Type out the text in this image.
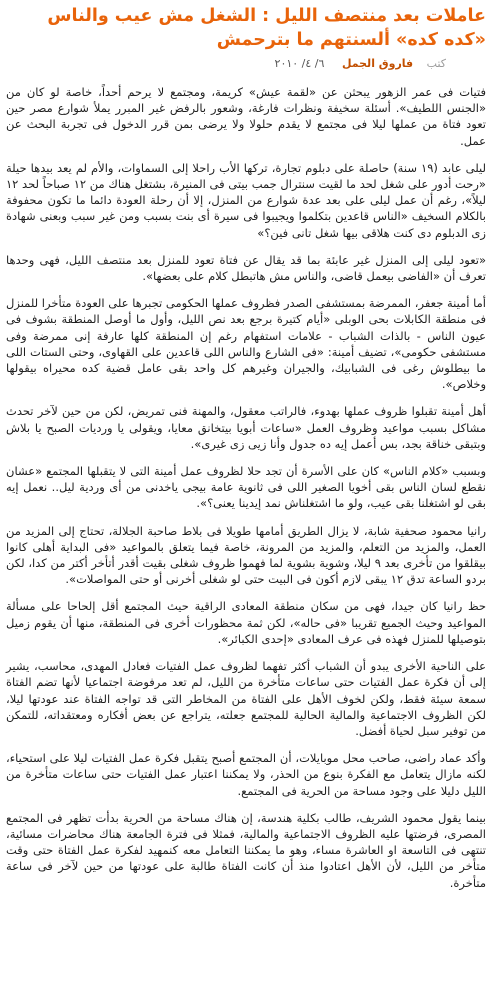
عاملات بعد منتصف الليل : الشغل مش عيب والناس «كده كده» ألسنتهم ما بترحمش
كتب فاروق الجمل ٦/ ٤/ ٢٠١٠

فتيات فى عمر الزهور يبحثن عن «لقمة عيش» كريمة، ومجتمع لا يرحم أحداً، خاصة لو كان من «الجنس اللطيف». أسئلة سخيفة ونظرات فارغة، وشعور بالرفض غير المبرر يملأ شوارع مصر حين تعود فتاة من عملها ليلا فى مجتمع لا يقدم حلولا ولا يرضى بمن قرر الدخول فى تجربة البحث عن عمل.

ليلى عابد (١٩ سنة) حاصلة على دبلوم تجارة، تركها الأب راحلا إلى السماوات، والأم لم يعد بيدها حيلة «رحت أدور على شغل لحد ما لقيت سنترال جمب بيتى فى المنيرة، بشتغل هناك من ١٢ صباحاً لحد ١٢ ليلاً»، رغم أن عمل ليلى على بعد عدة شوارع من المنزل، إلا أن رحلة العودة دائما ما تكون محفوفة بالكلام السخيف «الناس قاعدين بتكلموا ويجيبوا فى سيرة أى بنت بسبب ومن غير سبب وبعنى شهادة زى الدبلوم دى كنت هلاقى بيها شغل تانى فين؟»

«تعود ليلى إلى المنزل غير عابئة بما قد يقال عن فتاة تعود للمنزل بعد منتصف الليل، فهى وحدها تعرف أن «الفاضى بيعمل قاضى، والناس مش هاتبطل كلام على بعضها».

أما أمينة جعفر، الممرضة بمستشفى الصدر فظروف عملها الحكومى تجبرها على العودة متأخرا للمنزل فى منطقة الكابلات بحى الوبلى «أيام كتيرة برجع بعد نص الليل، وأول ما أوصل المنطقة بشوف فى عيون الناس - بالذات الشباب - علامات استفهام رغم إن المنطقة كلها عارفة إنى ممرضة وفى مستشفى حكومى»، تضيف أمينة: «فى الشارع والناس اللى قاعدين على القهاوى، وحتى الستات اللى ما بيطلوش رغى فى الشبابيك، والجيران وغيرهم كل واحد بقى عامل قضية كده محيراه بيقولها وخلاص».

أهل أمينة تقبلوا ظروف عملها بهدوء، فالراتب معقول، والمهنة فنى تمريض، لكن من حين لآخر تحدث مشاكل بسبب مواعيد وظروف العمل «ساعات أبويا بيتخانق معايا، ويقولى يا ورديات الصبح يا بلاش وبتبقى خناقة بجد، بس أعمل إيه ده جدول وأنا زيى زى غيرى».

وبسبب «كلام الناس» كان على الأسرة أن تجد حلا لظروف عمل أمينة التى لا يتقبلها المجتمع «عشان نقطع لسان الناس بقى أخويا الصغير اللى فى ثانوية عامة بيجى ياخدنى من أى وردية ليل.. نعمل إيه بقى لو اشتغلنا بقى عيب، ولو ما اشتغلناش نمد إيدينا يعنى؟».

رانيا محمود صحفية شابة، لا يزال الطريق أمامها طويلا فى بلاط صاحبة الجلالة، تحتاج إلى المزيد من العمل، والمزيد من التعلم، والمزيد من المرونة، خاصة فيما يتعلق بالمواعيد «فى البداية أهلى كانوا بيقلقوا من تأخرى بعد ٩ ليلا، وشوية بشوية لما فهموا ظروف شغلى بقيت أقدر أتأخر أكتر من كدا، لكن بردو الساعة تدق ١٢ يبقى لازم أكون فى البيت حتى لو شغلى أخرنى أو حتى المواصلات».

حظ رانيا كان جيدا، فهى من سكان منطقة المعادى الراقية حيث المجتمع أقل إلحاحا على مسألة المواعيد وحيث الجميع تقريبا «فى حاله»، لكن ثمة محظورات أخرى فى المنطقة، منها أن يقوم زميل بتوصيلها للمنزل فهذه فى عرف المعادى «إحدى الكبائر».

على الناحية الأخرى يبدو أن الشباب أكثر تفهما لظروف عمل الفتيات فعادل المهدى، محاسب، يشير إلى أن فكرة عمل الفتيات حتى ساعات متأخرة من الليل، لم تعد مرفوضة اجتماعيا لأنها تضم الفتاة سمعة سيئة فقط، ولكن لخوف الأهل على الفتاة من المخاطر التى قد تواجه الفتاة عند عودتها ليلا، لكن الظروف الاجتماعية والمالية الحالية للمجتمع جعلته، يتراجع عن بعض أفكاره ومعتقداته، للتمكن من توفير سبل لحياة أفضل.

وأكد عماد راضى، صاحب محل موبايلات، أن المجتمع أصبح يتقبل فكرة عمل الفتيات ليلا على استحياء، لكنه مازال يتعامل مع الفكرة بنوع من الحذر، ولا يمكننا اعتبار عمل الفتيات حتى ساعات متأخرة من الليل دليلا على وجود مساحة من الحرية فى المجتمع.

بينما يقول محمود الشريف، طالب بكلية هندسة، إن هناك مساحة من الحرية بدأت تظهر فى المجتمع المصرى، فرضتها عليه الظروف الاجتماعية والمالية، فمثلا فى فترة الجامعة هناك محاضرات مسائية، تنتهى فى التاسعة او العاشرة مساء، وهو ما يمكننا التعامل معه كنمهيد لفكرة عمل الفتاة حتى وقت متأخر من الليل، لأن الأهل اعتادوا منذ أن كانت الفتاة طالبة على عودتها من حين لآخر فى ساعة متأخرة.
